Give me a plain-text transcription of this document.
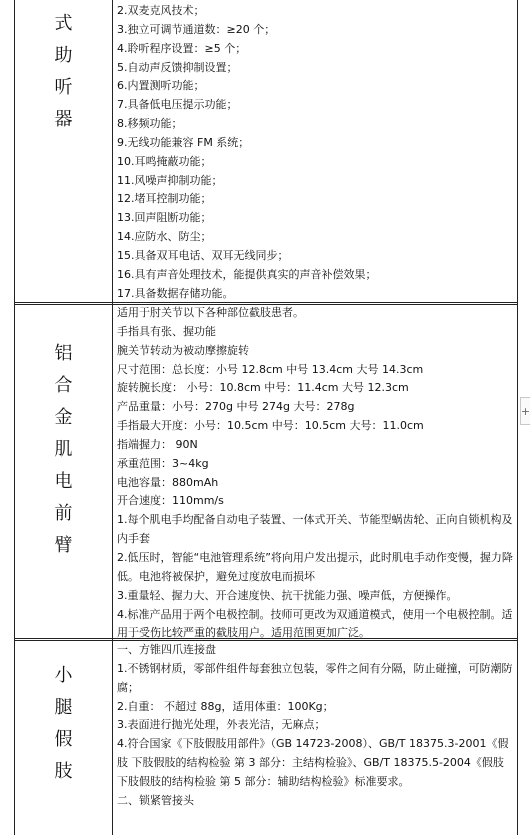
式
助
听
器
2.双麦克风技术；
3.独立可调节通道数：≥20 个；
4.聆听程序设置：≥5 个；
5.自动声反馈抑制设置；
6.内置测听功能；
7.具备低电压提示功能；
8.移频功能；
9.无线功能兼容 FM 系统；
10.耳鸣掩蔽功能；
11.风噪声抑制功能；
12.堵耳控制功能；
13.回声阻断功能；
14.应防水、防尘；
15.具备双耳电话、双耳无线同步；
16.具有声音处理技术，能提供真实的声音补偿效果；
17.具备数据存储功能。
铝
合
金
肌
电
前
臂
适用于肘关节以下各种部位截肢患者。
手指具有张、握功能
腕关节转动为被动摩擦旋转
尺寸范围：总长度：小号 12.8cm 中号 13.4cm 大号 14.3cm
旋转腕长度： 小号：10.8cm 中号：11.4cm 大号 12.3cm
产品重量：小号：270g 中号 274g 大号：278g
手指最大开度：小号：10.5cm 中号：10.5cm 大号：11.0cm
指端握力： 90N
承重范围：3~4kg
电池容量：880mAh
开合速度：110mm/s
1.每个肌电手均配备自动电子装置、一体式开关、节能型蜗齿轮、正向自锁机构及内手套
2.低压时，智能“电池管理系统”将向用户发出提示，此时肌电手动作变慢，握力降低。电池将被保护，避免过度放电而损坏
3.重量轻、握力大、开合速度快、抗干扰能力强、噪声低，方便操作。
4.标准产品用于两个电极控制。技师可更改为双通道模式，使用一个电极控制。适用于受伤比较严重的截肢用户。适用范围更加广泛。
小
腿
假
肢
一、方锥四爪连接盘
1.不锈钢材质，零部件组件每套独立包装，零件之间有分隔，防止碰撞，可防潮防腐；
2.自重： 不超过 88g，适用体重：100Kg；
3.表面进行抛光处理，外表光洁，无麻点；
4.符合国家《下肢假肢用部件》（GB 14723-2008）、GB/T 18375.3-2001《假肢 下肢假肢的结构检验 第 3 部分：主结构检验》、GB/T 18375.5-2004《假肢 下肢假肢的结构检验 第 5 部分：辅助结构检验》标准要求。
二、锁紧管接头
+
